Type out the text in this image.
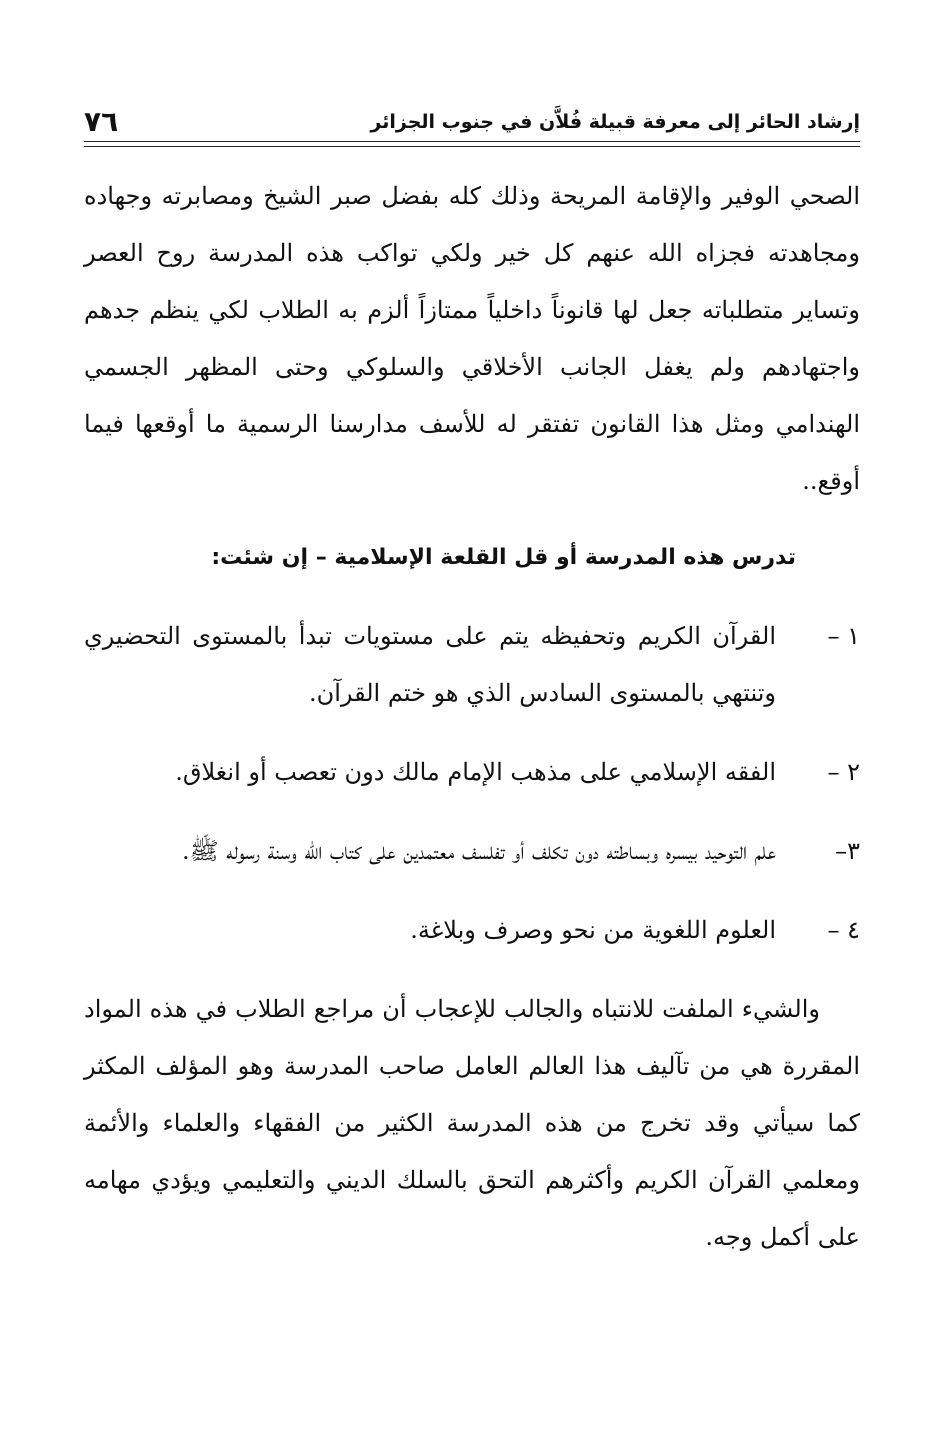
٧٦	إرشاد الحائر إلى معرفة قبيلة فُلاَّن في جنوب الجزائر

الصحي الوفير والإقامة المريحة وذلك كله بفضل صبر الشيخ ومصابرته وجهاده ومجاهدته فجزاه الله عنهم كل خير ولكي تواكب هذه المدرسة روح العصر وتساير متطلباته جعل لها قانوناً داخلياً ممتازاً ألزم به الطلاب لكي ينظم جدهم واجتهادهم ولم يغفل الجانب الأخلاقي والسلوكي وحتى المظهر الجسمي الهندامي ومثل هذا القانون تفتقر له للأسف مدارسنا الرسمية ما أوقعها فيما أوقع..

تدرس هذه المدرسة أو قل القلعة الإسلامية – إن شئت:
١ –
القرآن الكريم وتحفيظه يتم على مستويات تبدأ بالمستوى التحضيري وتنتهي بالمستوى السادس الذي هو ختم القرآن.
٢ –
الفقه الإسلامي على مذهب الإمام مالك دون تعصب أو انغلاق.
٣–
علم التوحيد بيسره وبساطته دون تكلف أو تفلسف معتمدين على كتاب الله وسنة رسوله ﷺ.
٤ –
العلوم اللغوية من نحو وصرف وبلاغة.

والشيء الملفت للانتباه والجالب للإعجاب أن مراجع الطلاب في هذه المواد المقررة هي من تآليف هذا العالم العامل صاحب المدرسة وهو المؤلف المكثر كما سيأتي وقد تخرج من هذه المدرسة الكثير من الفقهاء والعلماء والأئمة ومعلمي القرآن الكريم وأكثرهم التحق بالسلك الديني والتعليمي ويؤدي مهامه على أكمل وجه.
